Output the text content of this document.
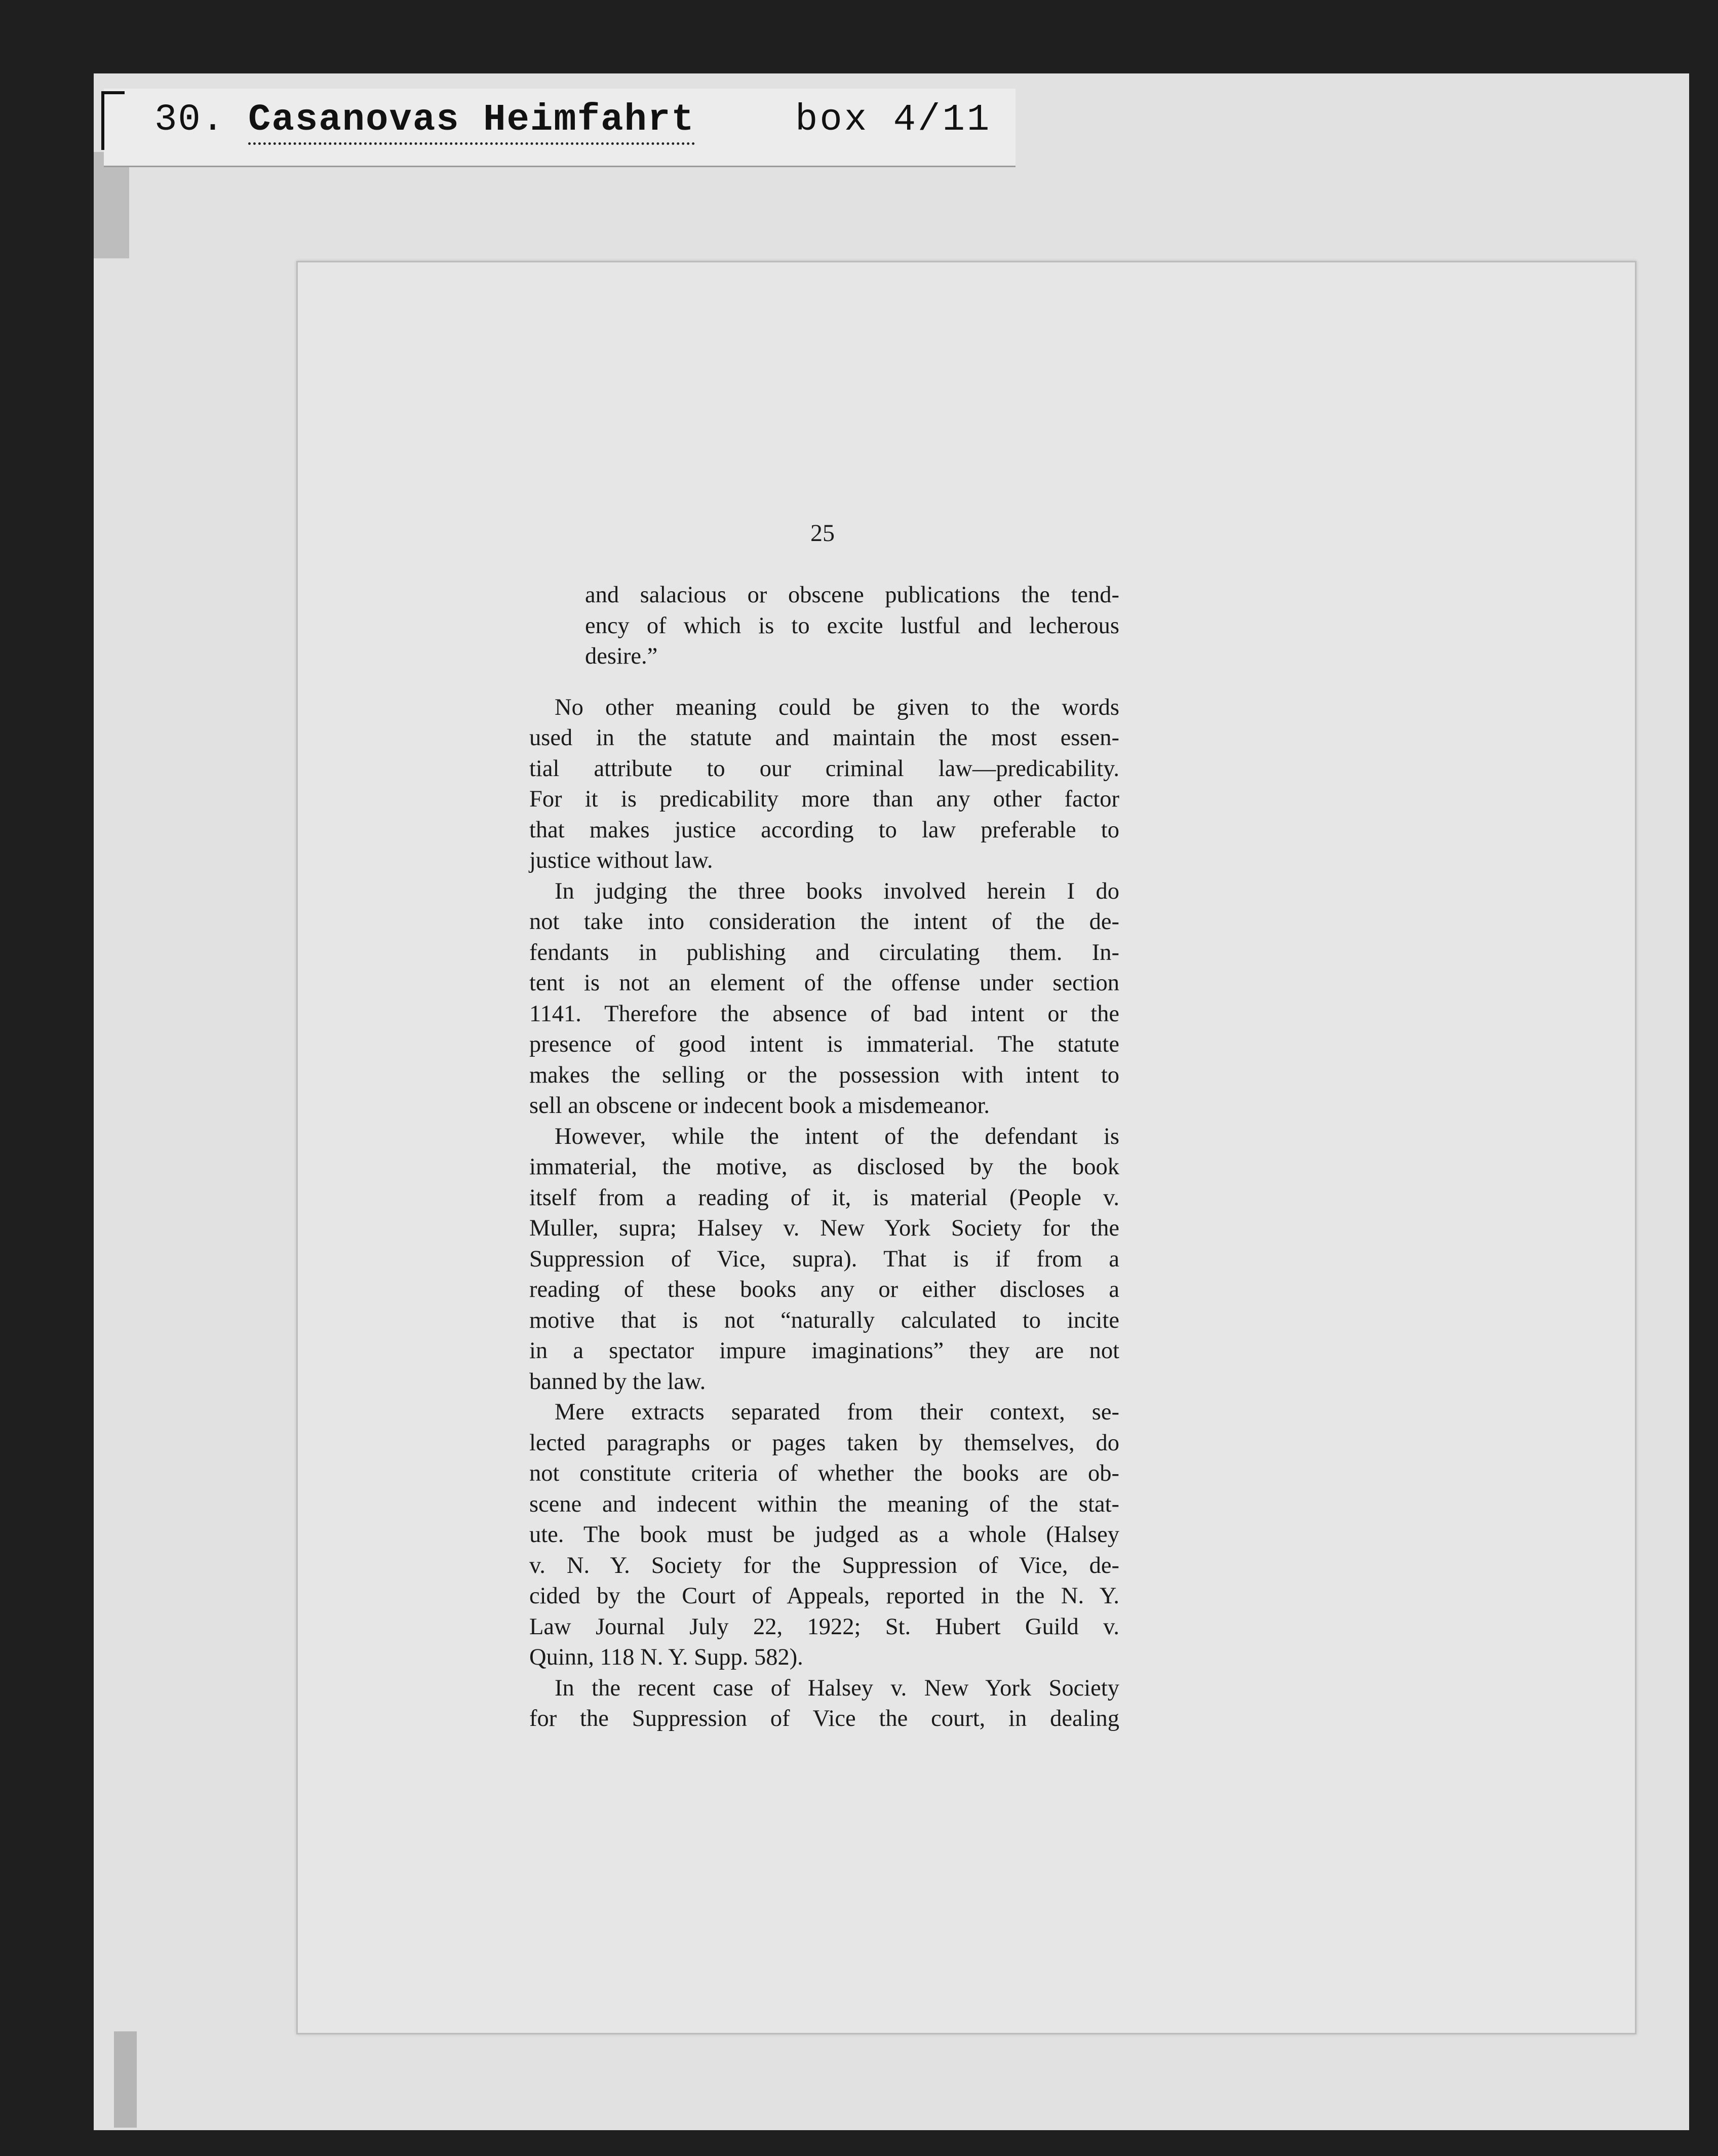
30. Casanovas Heimfahrt	box 4/11
25

and salacious or obscene publications the tend-
ency of which is to excite lustful and lecherous
desire.”

No other meaning could be given to the words
used in the statute and maintain the most essen-
tial attribute to our criminal law—predicability.
For it is predicability more than any other factor
that makes justice according to law preferable to
justice without law.

In judging the three books involved herein I do
not take into consideration the intent of the de-
fendants in publishing and circulating them. In-
tent is not an element of the offense under section
1141. Therefore the absence of bad intent or the
presence of good intent is immaterial. The statute
makes the selling or the possession with intent to
sell an obscene or indecent book a misdemeanor.

However, while the intent of the defendant is
immaterial, the motive, as disclosed by the book
itself from a reading of it, is material (People v.
Muller, supra; Halsey v. New York Society for the
Suppression of Vice, supra). That is if from a
reading of these books any or either discloses a
motive that is not “naturally calculated to incite
in a spectator impure imaginations” they are not
banned by the law.

Mere extracts separated from their context, se-
lected paragraphs or pages taken by themselves, do
not constitute criteria of whether the books are ob-
scene and indecent within the meaning of the stat-
ute. The book must be judged as a whole (Halsey
v. N. Y. Society for the Suppression of Vice, de-
cided by the Court of Appeals, reported in the N. Y.
Law Journal July 22, 1922; St. Hubert Guild v.
Quinn, 118 N. Y. Supp. 582).

In the recent case of Halsey v. New York Society
for the Suppression of Vice the court, in dealing
